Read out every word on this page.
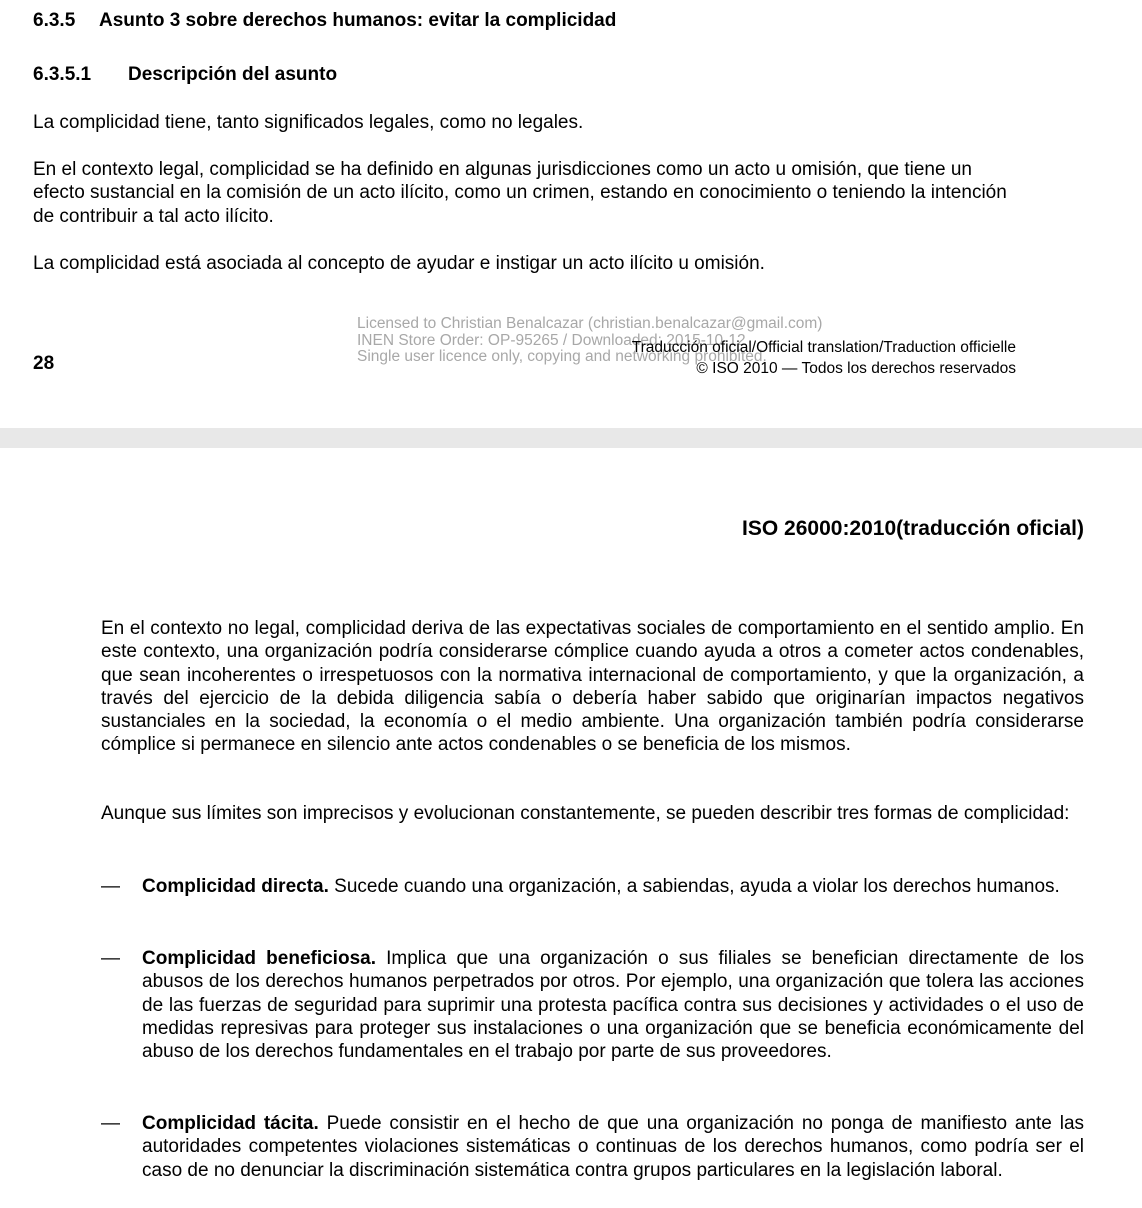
6.3.5 Asunto 3 sobre derechos humanos: evitar la complicidad
6.3.5.1 Descripción del asunto

La complicidad tiene, tanto significados legales, como no legales.

En el contexto legal, complicidad se ha definido en algunas jurisdicciones como un acto u omisión, que tiene un efecto sustancial en la comisión de un acto ilícito, como un crimen, estando en conocimiento o teniendo la intención de contribuir a tal acto ilícito.

La complicidad está asociada al concepto de ayudar e instigar un acto ilícito u omisión.

Licensed to Christian Benalcazar (christian.benalcazar@gmail.com)
INEN Store Order: OP-95265 / Downloaded: 2015-10-12
Single user licence only, copying and networking prohibited.
Traducción oficial/Official translation/Traduction officielle
© ISO 2010 — Todos los derechos reservados
28
ISO 26000:2010(traducción oficial)

En el contexto no legal, complicidad deriva de las expectativas sociales de comportamiento en el sentido amplio. En este contexto, una organización podría considerarse cómplice cuando ayuda a otros a cometer actos condenables, que sean incoherentes o irrespetuosos con la normativa internacional de comportamiento, y que la organización, a través del ejercicio de la debida diligencia sabía o debería haber sabido que originarían impactos negativos sustanciales en la sociedad, la economía o el medio ambiente. Una organización también podría considerarse cómplice si permanece en silencio ante actos condenables o se beneficia de los mismos.

Aunque sus límites son imprecisos y evolucionan constantemente, se pueden describir tres formas de complicidad:

— Complicidad directa. Sucede cuando una organización, a sabiendas, ayuda a violar los derechos humanos.
— Complicidad beneficiosa. Implica que una organización o sus filiales se benefician directamente de los abusos de los derechos humanos perpetrados por otros. Por ejemplo, una organización que tolera las acciones de las fuerzas de seguridad para suprimir una protesta pacífica contra sus decisiones y actividades o el uso de medidas represivas para proteger sus instalaciones o una organización que se beneficia económicamente del abuso de los derechos fundamentales en el trabajo por parte de sus proveedores.
— Complicidad tácita. Puede consistir en el hecho de que una organización no ponga de manifiesto ante las autoridades competentes violaciones sistemáticas o continuas de los derechos humanos, como podría ser el caso de no denunciar la discriminación sistemática contra grupos particulares en la legislación laboral.
